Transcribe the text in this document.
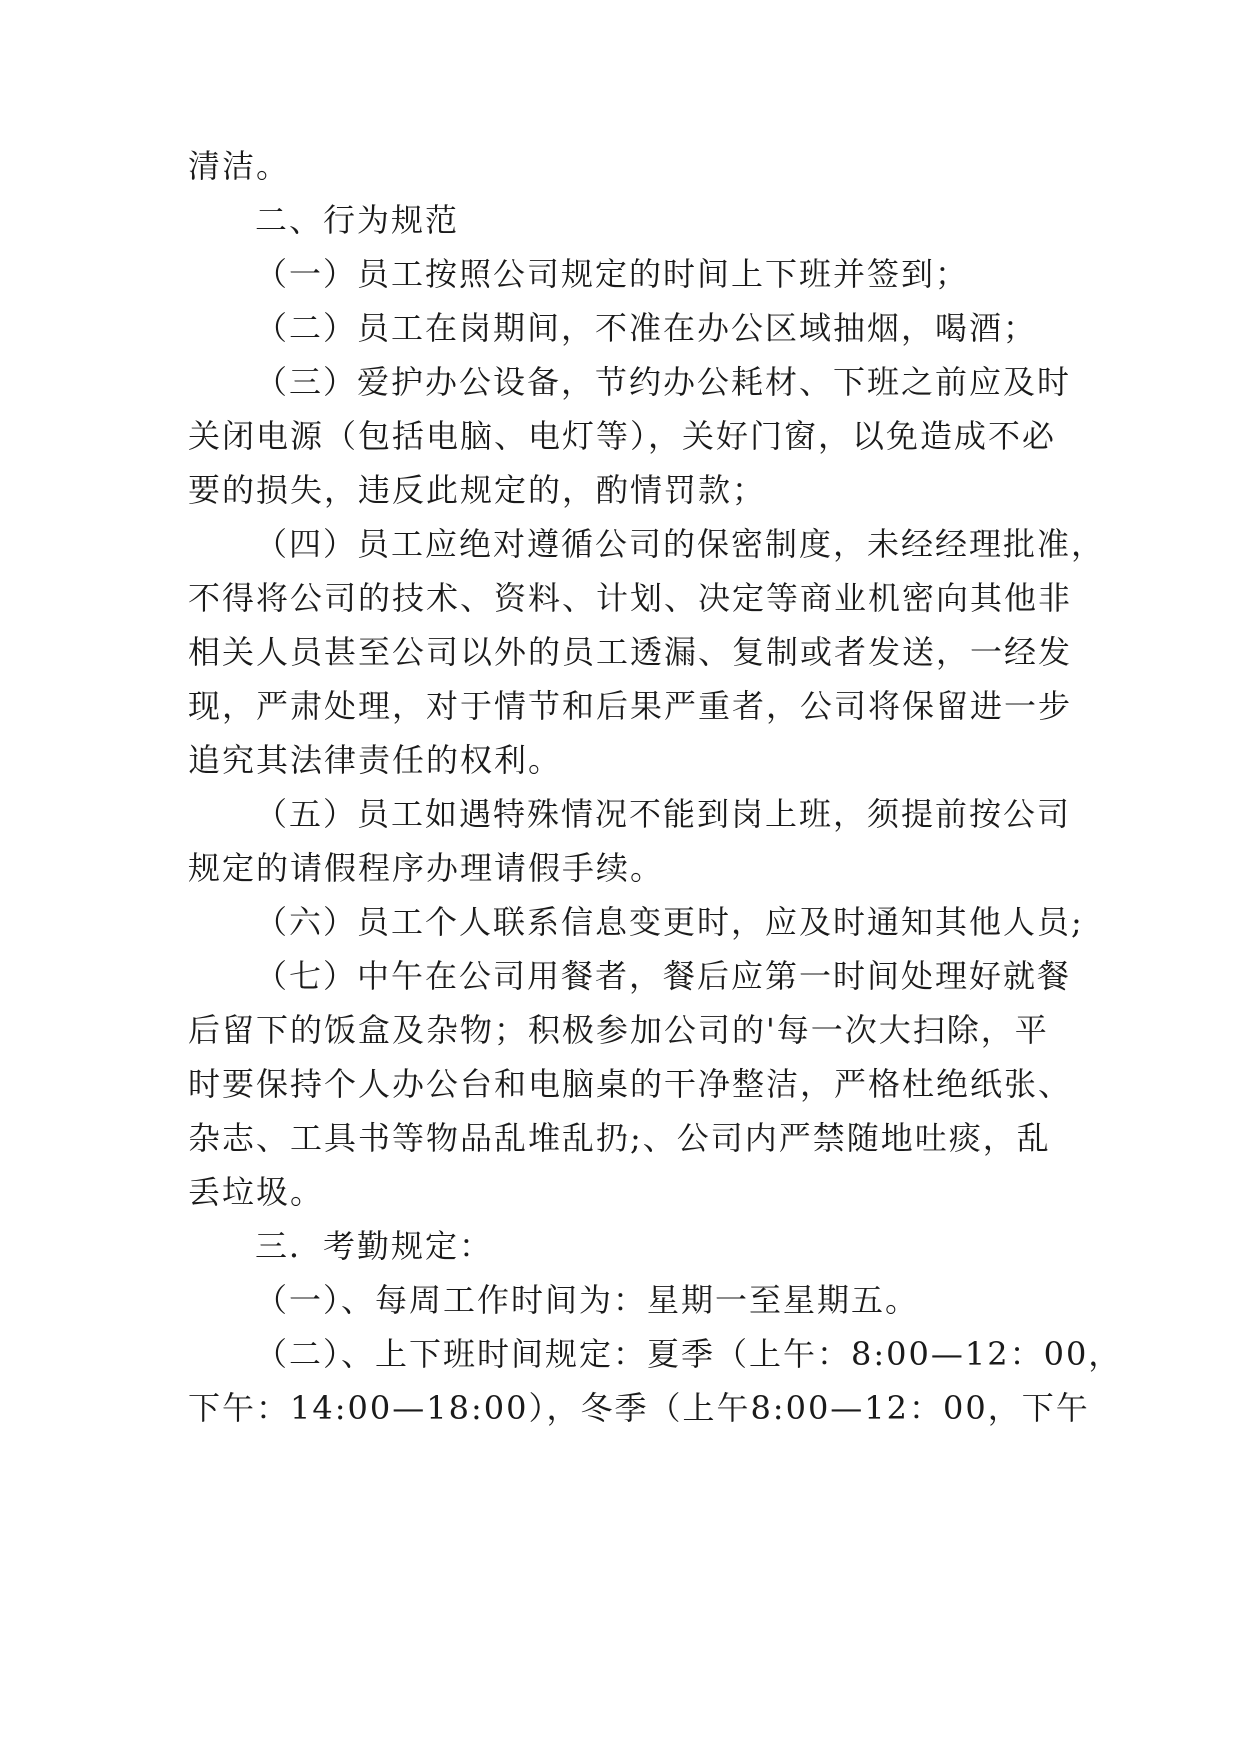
清洁。
二、行为规范
（一）员工按照公司规定的时间上下班并签到；
（二）员工在岗期间，不准在办公区域抽烟，喝酒；
（三）爱护办公设备，节约办公耗材、下班之前应及时
关闭电源（包括电脑、电灯等），关好门窗，以免造成不必
要的损失，违反此规定的，酌情罚款；
（四）员工应绝对遵循公司的保密制度，未经经理批准，
不得将公司的技术、资料、计划、决定等商业机密向其他非
相关人员甚至公司以外的员工透漏、复制或者发送，一经发
现，严肃处理，对于情节和后果严重者，公司将保留进一步
追究其法律责任的权利。
（五）员工如遇特殊情况不能到岗上班，须提前按公司
规定的请假程序办理请假手续。
（六）员工个人联系信息变更时，应及时通知其他人员;
（七）中午在公司用餐者，餐后应第一时间处理好就餐
后留下的饭盒及杂物；积极参加公司的'每一次大扫除，平
时要保持个人办公台和电脑桌的干净整洁，严格杜绝纸张、
杂志、工具书等物品乱堆乱扔;、公司内严禁随地吐痰，乱
丢垃圾。
三．考勤规定：
（一）、每周工作时间为：星期一至星期五。
（二）、上下班时间规定：夏季（上午：8:00—12：00，
下午：14:00—18:00），冬季（上午8:00—12：00，下午
